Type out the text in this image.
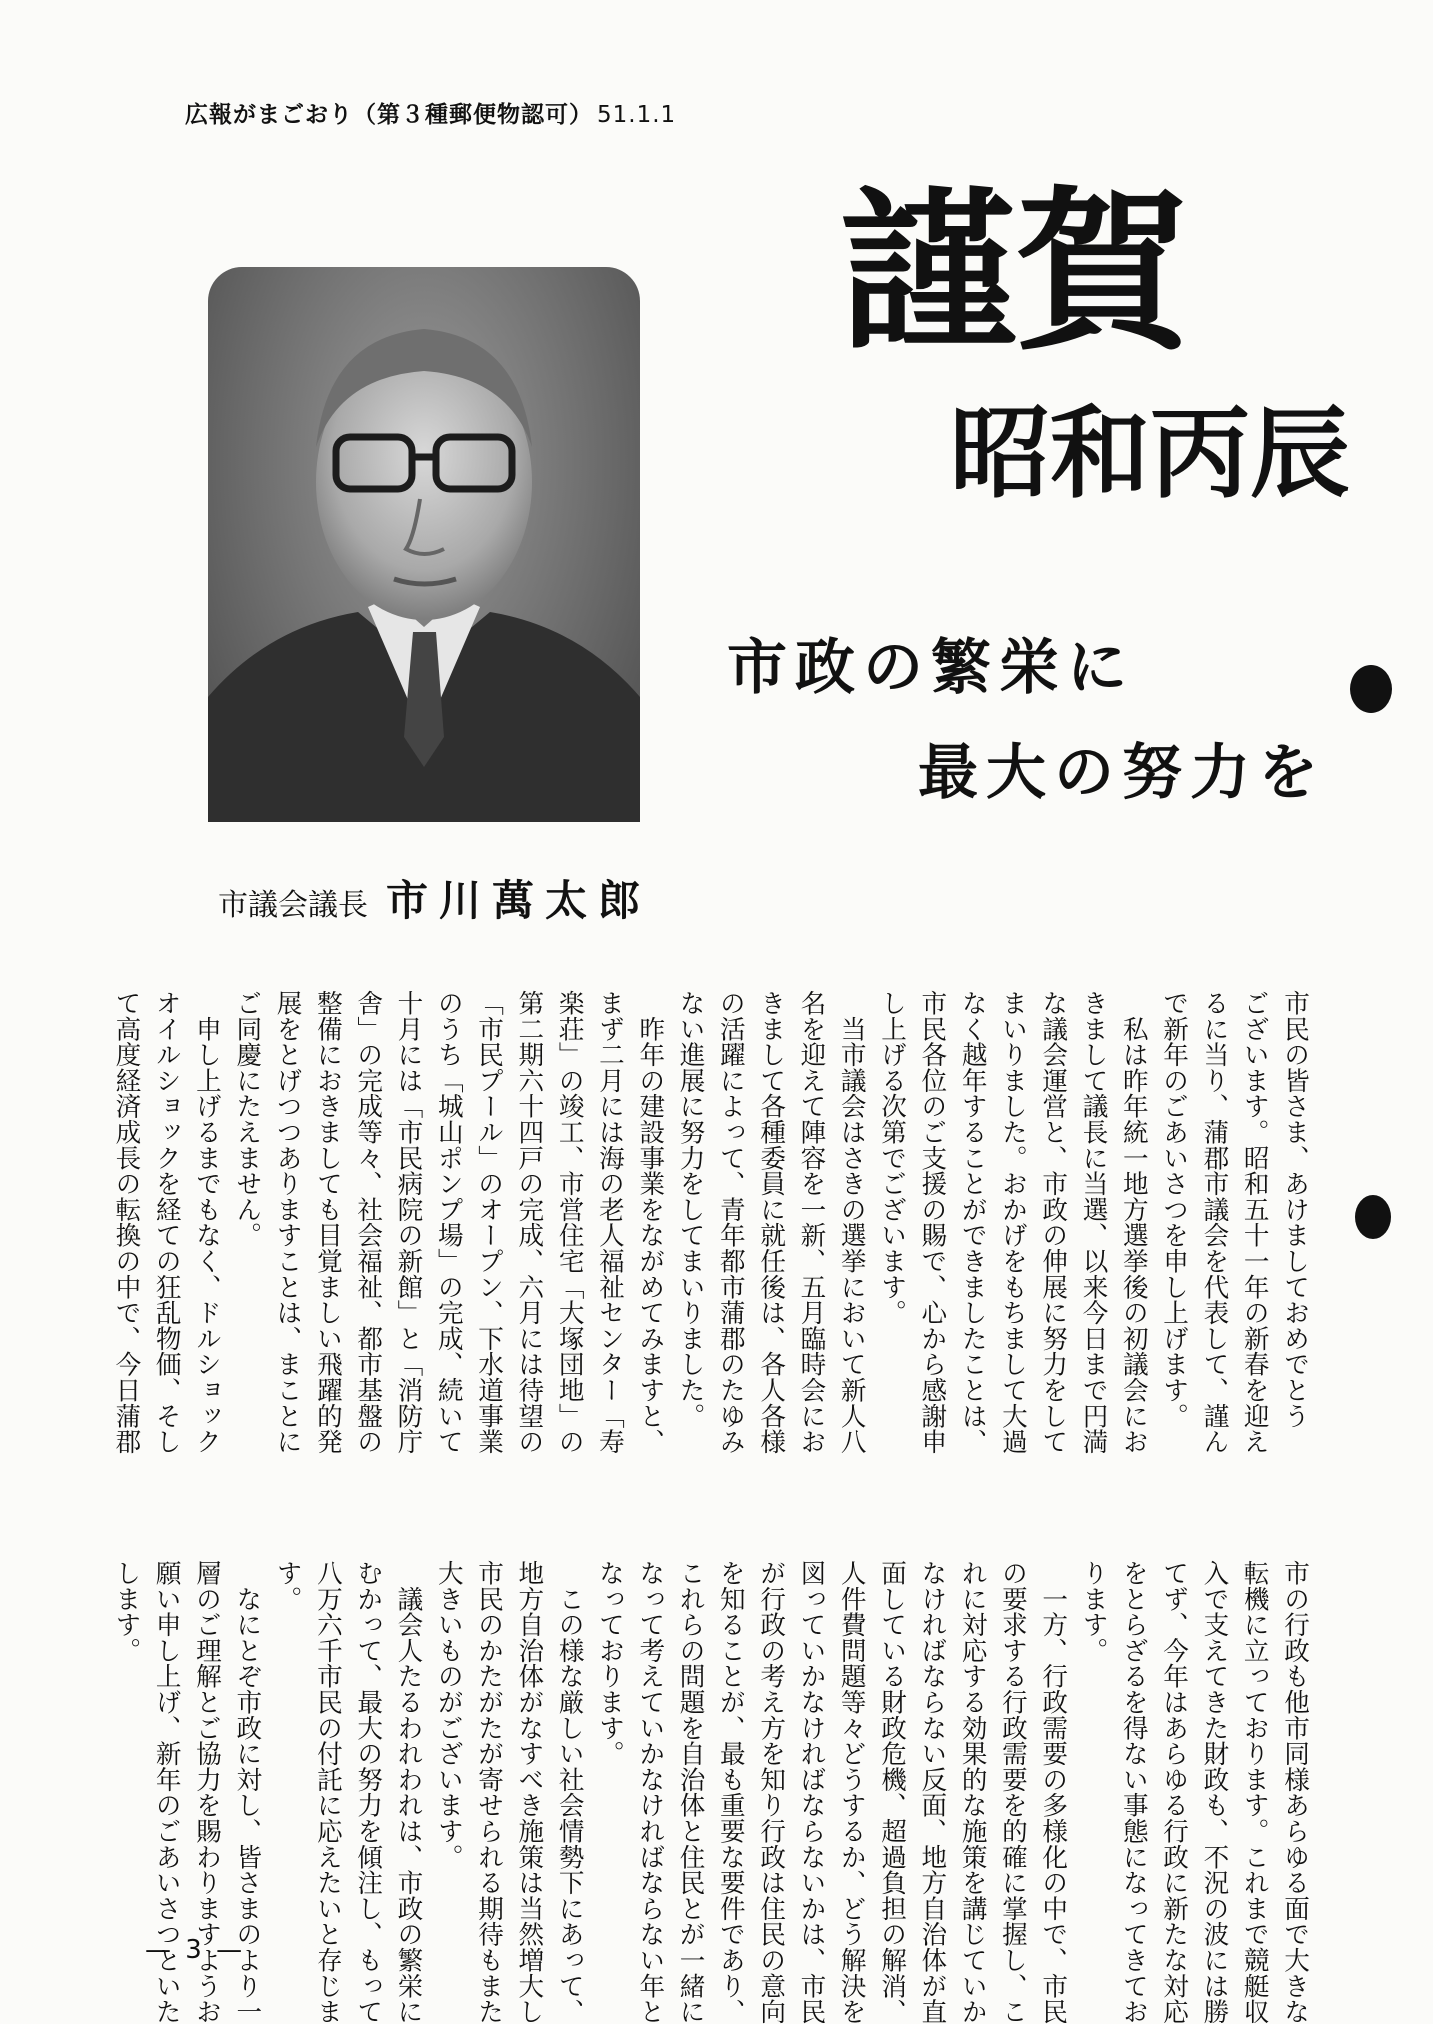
広報がまごおり（第３種郵便物認可） 51.1.1
謹賀
昭和丙辰
市政の繁栄に
最大の努力を
市議会議長 市川萬太郎
市民の皆さま、あけましておめでとう
ございます。昭和五十一年の新春を迎え
るに当り、蒲郡市議会を代表して、謹ん
で新年のごあいさつを申し上げます。
　私は昨年統一地方選挙後の初議会にお
きまして議長に当選、以来今日まで円満
な議会運営と、市政の伸展に努力をして
まいりました。おかげをもちまして大過
なく越年することができましたことは、
市民各位のご支援の賜で、心から感謝申
し上げる次第でございます。
　当市議会はさきの選挙において新人八
名を迎えて陣容を一新、五月臨時会にお
きまして各種委員に就任後は、各人各様
の活躍によって、青年都市蒲郡のたゆみ
ない進展に努力をしてまいりました。
　昨年の建設事業をながめてみますと、
まず二月には海の老人福祉センター「寿
楽荘」の竣工、市営住宅「大塚団地」の
第二期六十四戸の完成、六月には待望の
「市民プール」のオープン、下水道事業
のうち「城山ポンプ場」の完成、続いて
十月には「市民病院の新館」と「消防庁
舎」の完成等々、社会福祉、都市基盤の
整備におきましても目覚ましい飛躍的発
展をとげつつありますことは、まことに
ご同慶にたえません。
　申し上げるまでもなく、ドルショック
オイルショックを経ての狂乱物価、そし
て高度経済成長の転換の中で、今日蒲郡
市の行政も他市同様あらゆる面で大きな
転機に立っております。これまで競艇収
入で支えてきた財政も、不況の波には勝
てず、今年はあらゆる行政に新たな対応
をとらざるを得ない事態になってきてお
ります。
　一方、行政需要の多様化の中で、市民
の要求する行政需要を的確に掌握し、こ
れに対応する効果的な施策を講じていか
なければならない反面、地方自治体が直
面している財政危機、超過負担の解消、
人件費問題等々どうするか、どう解決を
図っていかなければならないかは、市民
が行政の考え方を知り行政は住民の意向
を知ることが、最も重要な要件であり、
これらの問題を自治体と住民とが一緒に
なって考えていかなければならない年と
なっております。
　この様な厳しい社会情勢下にあって、
地方自治体がなすべき施策は当然増大し
市民のかたがたが寄せられる期待もまた
大きいものがございます。
　議会人たるわれわれは、市政の繁栄に
むかって、最大の努力を傾注し、もって
八万六千市民の付託に応えたいと存じま
す。
　なにとぞ市政に対し、皆さまのより一
層のご理解とご協力を賜わりますようお
願い申し上げ、新年のごあいさつといた
します。
— 3 —
